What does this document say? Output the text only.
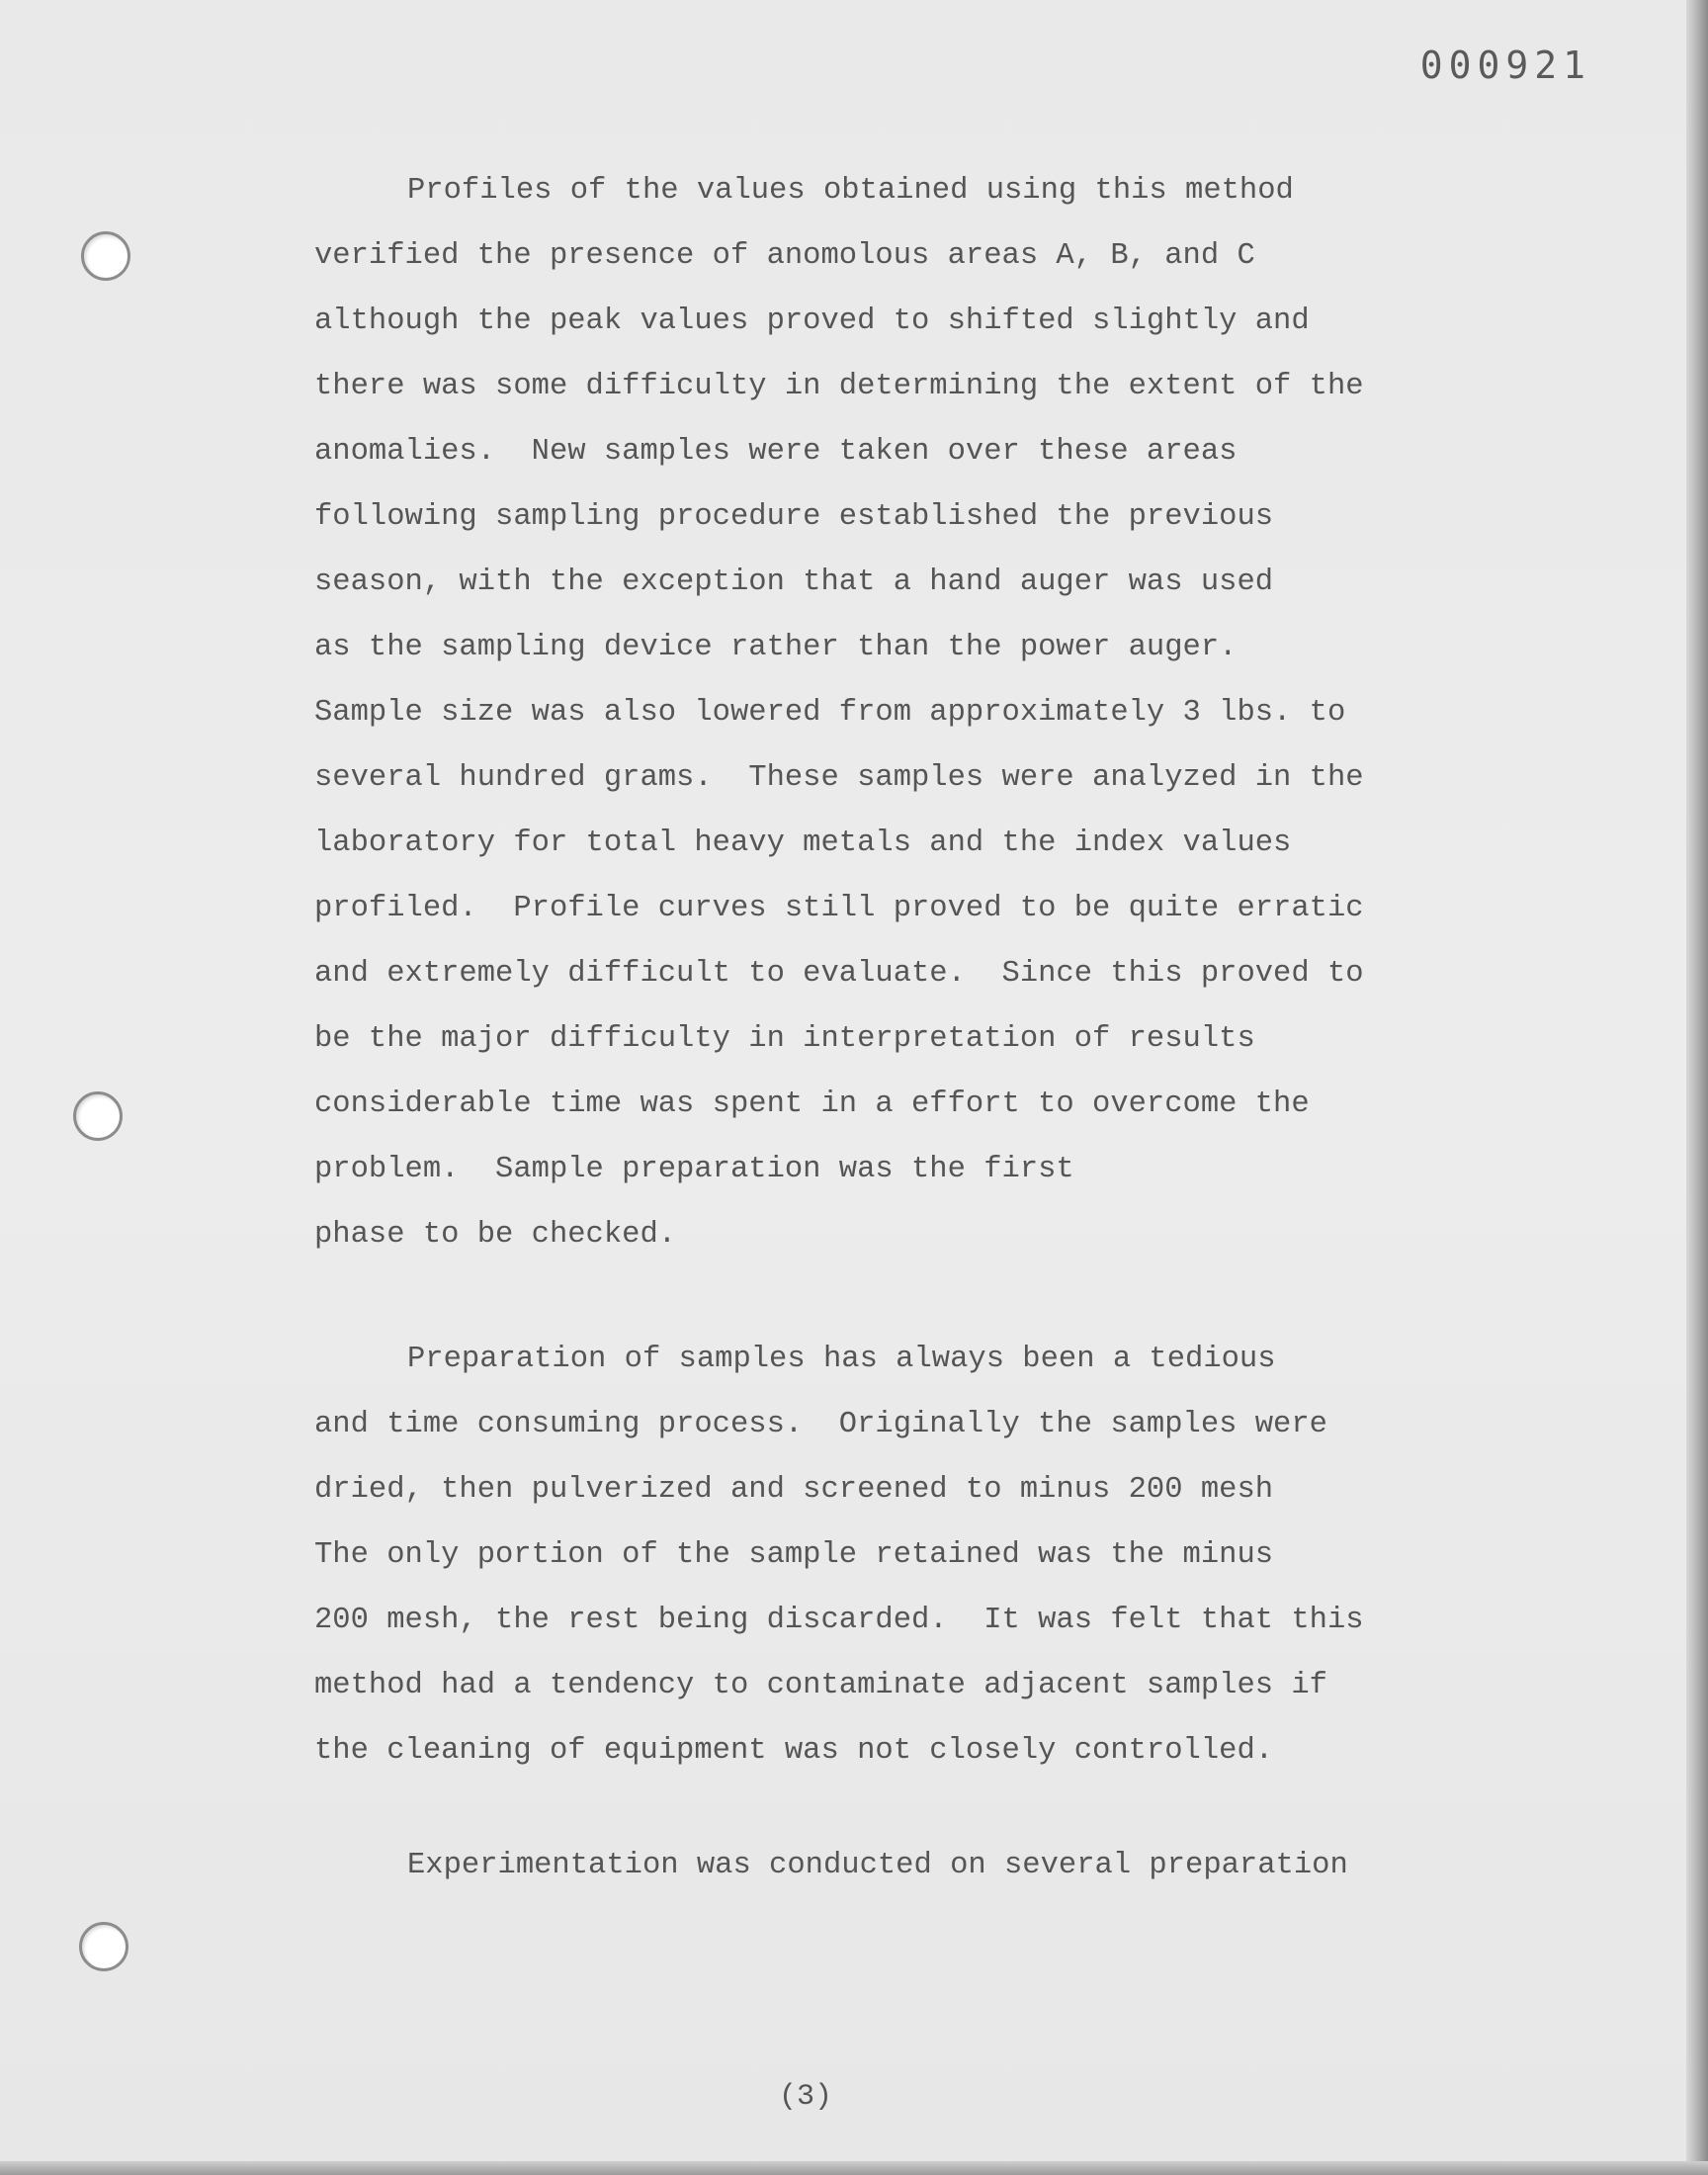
000921
Profiles of the values obtained using this method
verified the presence of anomolous areas A, B, and C
although the peak values proved to shifted slightly and
there was some difficulty in determining the extent of the
anomalies.  New samples were taken over these areas
following sampling procedure established the previous
season, with the exception that a hand auger was used
as the sampling device rather than the power auger.
Sample size was also lowered from approximately 3 lbs. to
several hundred grams.  These samples were analyzed in the
laboratory for total heavy metals and the index values
profiled.  Profile curves still proved to be quite erratic
and extremely difficult to evaluate.  Since this proved to
be the major difficulty in interpretation of results
considerable time was spent in a effort to overcome the
problem.  Sample preparation was the first
phase to be checked.
Preparation of samples has always been a tedious
and time consuming process.  Originally the samples were
dried, then pulverized and screened to minus 200 mesh
The only portion of the sample retained was the minus
200 mesh, the rest being discarded.  It was felt that this
method had a tendency to contaminate adjacent samples if
the cleaning of equipment was not closely controlled.
Experimentation was conducted on several preparation
(3)
